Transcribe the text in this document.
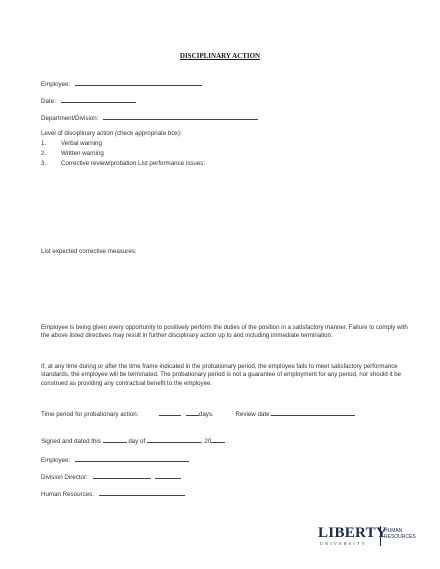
DISCIPLINARY ACTION
Employee:
Date:
Department/Division:
Level of disciplinary action (check appropriate box):
1. Verbal warning
2. Written warning
3. Corrective review/probation List performance issues:
List expected corrective measures:
Employee is being given every opportunity to positively perform the duties of the position in a satisfactory manner. Failure to comply with the above listed directives may result in further disciplinary action up to and including immediate termination.
If, at any time during or after the time frame indicated in the probationary period, the employee fails to meet satisfactory performance standards, the employee will be terminated. The probationary period is not a guarantee of employment for any period, nor should it be construed as providing any contractual benefit to the employee.
Time period for probationary action:	days.	Review date:
Signed and dated this	day of	, 20
Employee:
Division Director:
Human Resources:
LIBERTY
UNIVERSITY
HUMAN
RESOURCES
